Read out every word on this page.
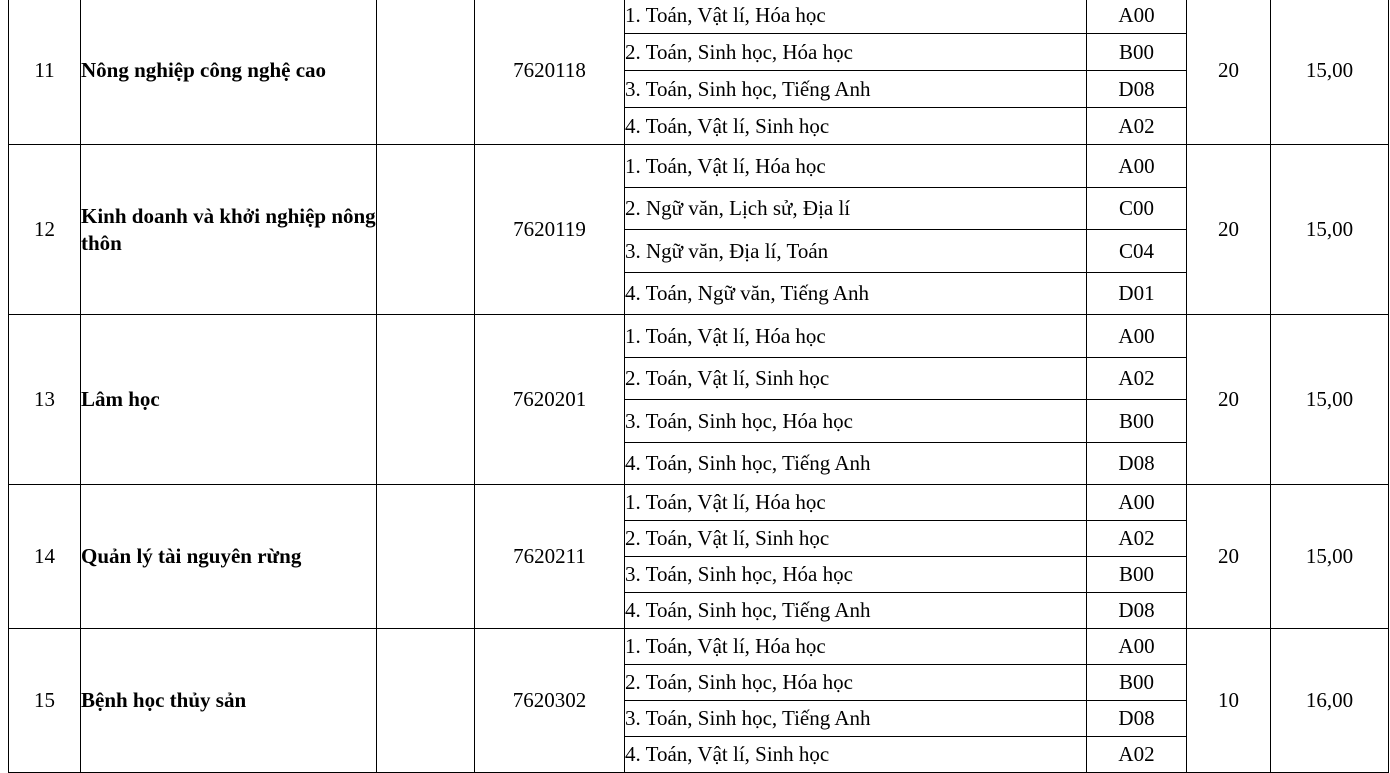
11	Nông nghiệp công nghệ cao		7620118	1. Toán, Vật lí, Hóa học	A00	20	15,00
				2. Toán, Sinh học, Hóa học	B00		
				3. Toán, Sinh học, Tiếng Anh	D08		
				4. Toán, Vật lí, Sinh học	A02		
12	Kinh doanh và khởi nghiệp nông thôn		7620119	1. Toán, Vật lí, Hóa học	A00	20	15,00
				2. Ngữ văn, Lịch sử, Địa lí	C00		
				3. Ngữ văn, Địa lí, Toán	C04		
				4. Toán, Ngữ văn, Tiếng Anh	D01		
13	Lâm học		7620201	1. Toán, Vật lí, Hóa học	A00	20	15,00
				2. Toán, Vật lí, Sinh học	A02		
				3. Toán, Sinh học, Hóa học	B00		
				4. Toán, Sinh học, Tiếng Anh	D08		
14	Quản lý tài nguyên rừng		7620211	1. Toán, Vật lí, Hóa học	A00	20	15,00
				2. Toán, Vật lí, Sinh học	A02		
				3. Toán, Sinh học, Hóa học	B00		
				4. Toán, Sinh học, Tiếng Anh	D08		
15	Bệnh học thủy sản		7620302	1. Toán, Vật lí, Hóa học	A00	10	16,00
				2. Toán, Sinh học, Hóa học	B00		
				3. Toán, Sinh học, Tiếng Anh	D08		
				4. Toán, Vật lí, Sinh học	A02		
